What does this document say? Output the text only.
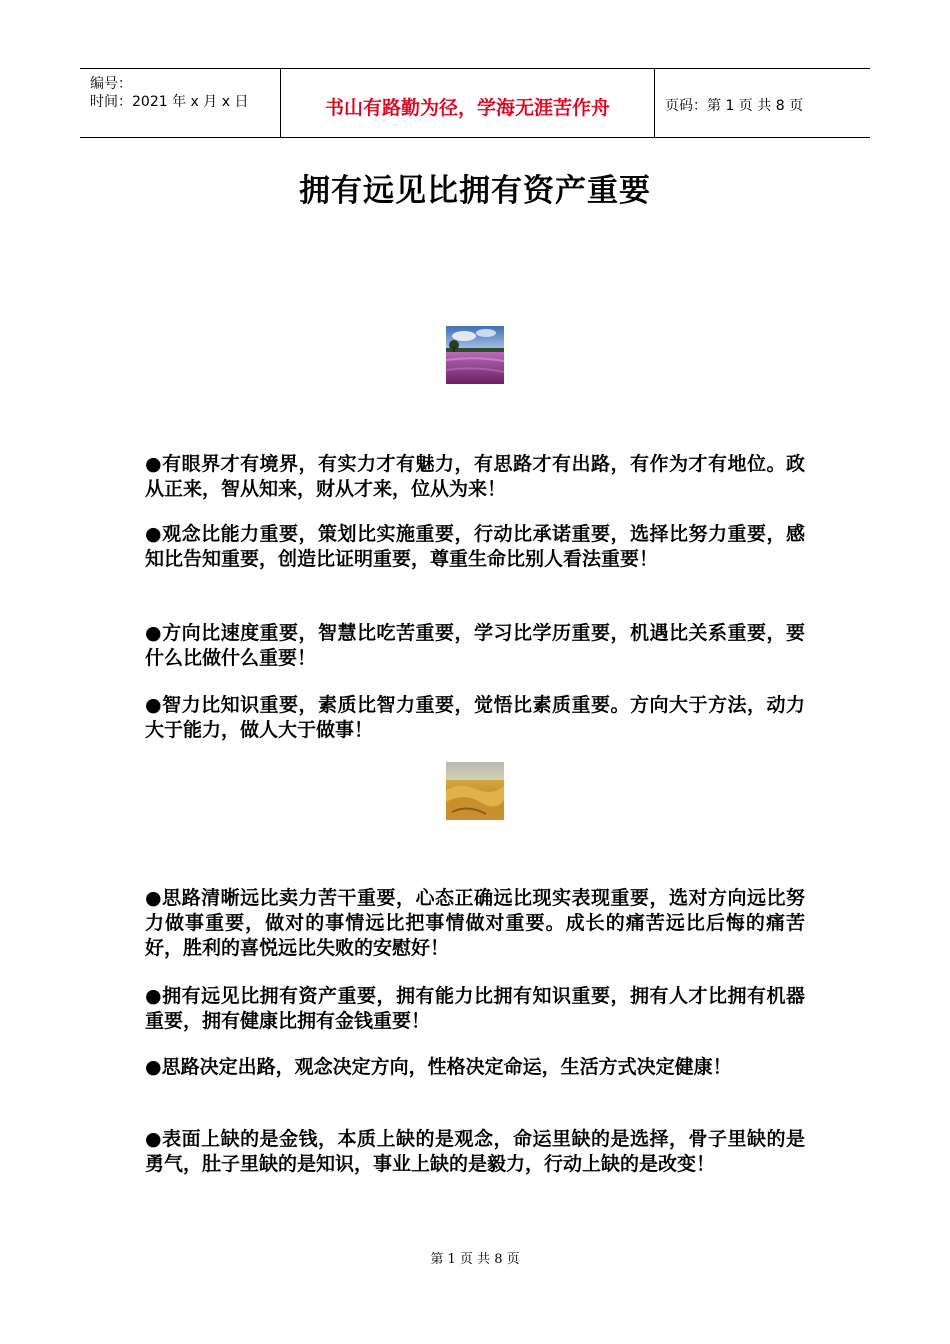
编号：
时间：2021 年 x 月 x 日	书山有路勤为径，学海无涯苦作舟	页码：第 1 页 共 8 页
拥有远见比拥有资产重要
●有眼界才有境界，有实力才有魅力，有思路才有出路，有作为才有地位。政从正来，智从知来，财从才来，位从为来！
●观念比能力重要，策划比实施重要，行动比承诺重要，选择比努力重要，感知比告知重要，创造比证明重要，尊重生命比别人看法重要！
●方向比速度重要，智慧比吃苦重要，学习比学历重要，机遇比关系重要，要什么比做什么重要！
●智力比知识重要，素质比智力重要，觉悟比素质重要。方向大于方法，动力大于能力，做人大于做事！
●思路清晰远比卖力苦干重要，心态正确远比现实表现重要，选对方向远比努力做事重要，做对的事情远比把事情做对重要。成长的痛苦远比后悔的痛苦好，胜利的喜悦远比失败的安慰好！
●拥有远见比拥有资产重要，拥有能力比拥有知识重要，拥有人才比拥有机器重要，拥有健康比拥有金钱重要！
●思路决定出路，观念决定方向，性格决定命运，生活方式决定健康！
●表面上缺的是金钱，本质上缺的是观念，命运里缺的是选择，骨子里缺的是勇气，肚子里缺的是知识，事业上缺的是毅力，行动上缺的是改变！
第 1 页 共 8 页
